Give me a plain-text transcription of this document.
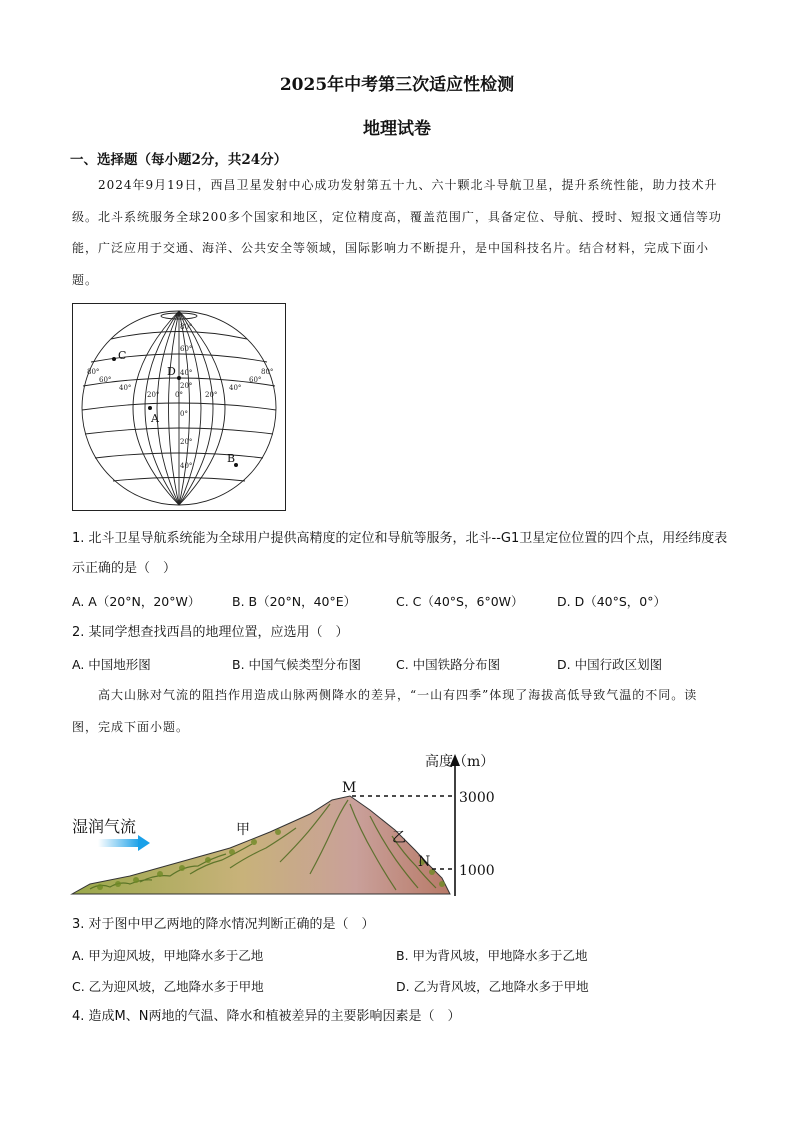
2025年中考第三次适应性检测
地理试卷
一、选择题（每小题2分，共24分）
2024年9月19日，西昌卫星发射中心成功发射第五十九、六十颗北斗导航卫星，提升系统性能，助力技术升级。北斗系统服务全球200多个国家和地区，定位精度高，覆盖范围广，具备定位、导航、授时、短报文通信等功能，广泛应用于交通、海洋、公共安全等领域，国际影响力不断提升，是中国科技名片。结合材料，完成下面小题。
+
80°
60°
40°
0°
20°
40°
20°
80°
60°
40°
20° 0°	20°
40°
60°
80°
C
D
A
B
1. 北斗卫星导航系统能为全球用户提供高精度的定位和导航等服务，北斗--G1卫星定位位置的四个点，用经纬度表示正确的是（　）
A. A（20°N，20°W）	B. B（20°N，40°E）	C. C（40°S，6°0W）	D. D（40°S，0°）
2. 某同学想查找西昌的地理位置，应选用（　）
A. 中国地形图	B. 中国气候类型分布图	C. 中国铁路分布图	D. 中国行政区划图
高大山脉对气流的阻挡作用造成山脉两侧降水的差异，“一山有四季”体现了海拔高低导致气温的不同。读图，完成下面小题。
高度（m）
3000
1000
M
N
甲	乙
湿润气流
3. 对于图中甲乙两地的降水情况判断正确的是（　）
A. 甲为迎风坡，甲地降水多于乙地	B. 甲为背风坡，甲地降水多于乙地
C. 乙为迎风坡，乙地降水多于甲地	D. 乙为背风坡，乙地降水多于甲地
4. 造成M、N两地的气温、降水和植被差异的主要影响因素是（　）
